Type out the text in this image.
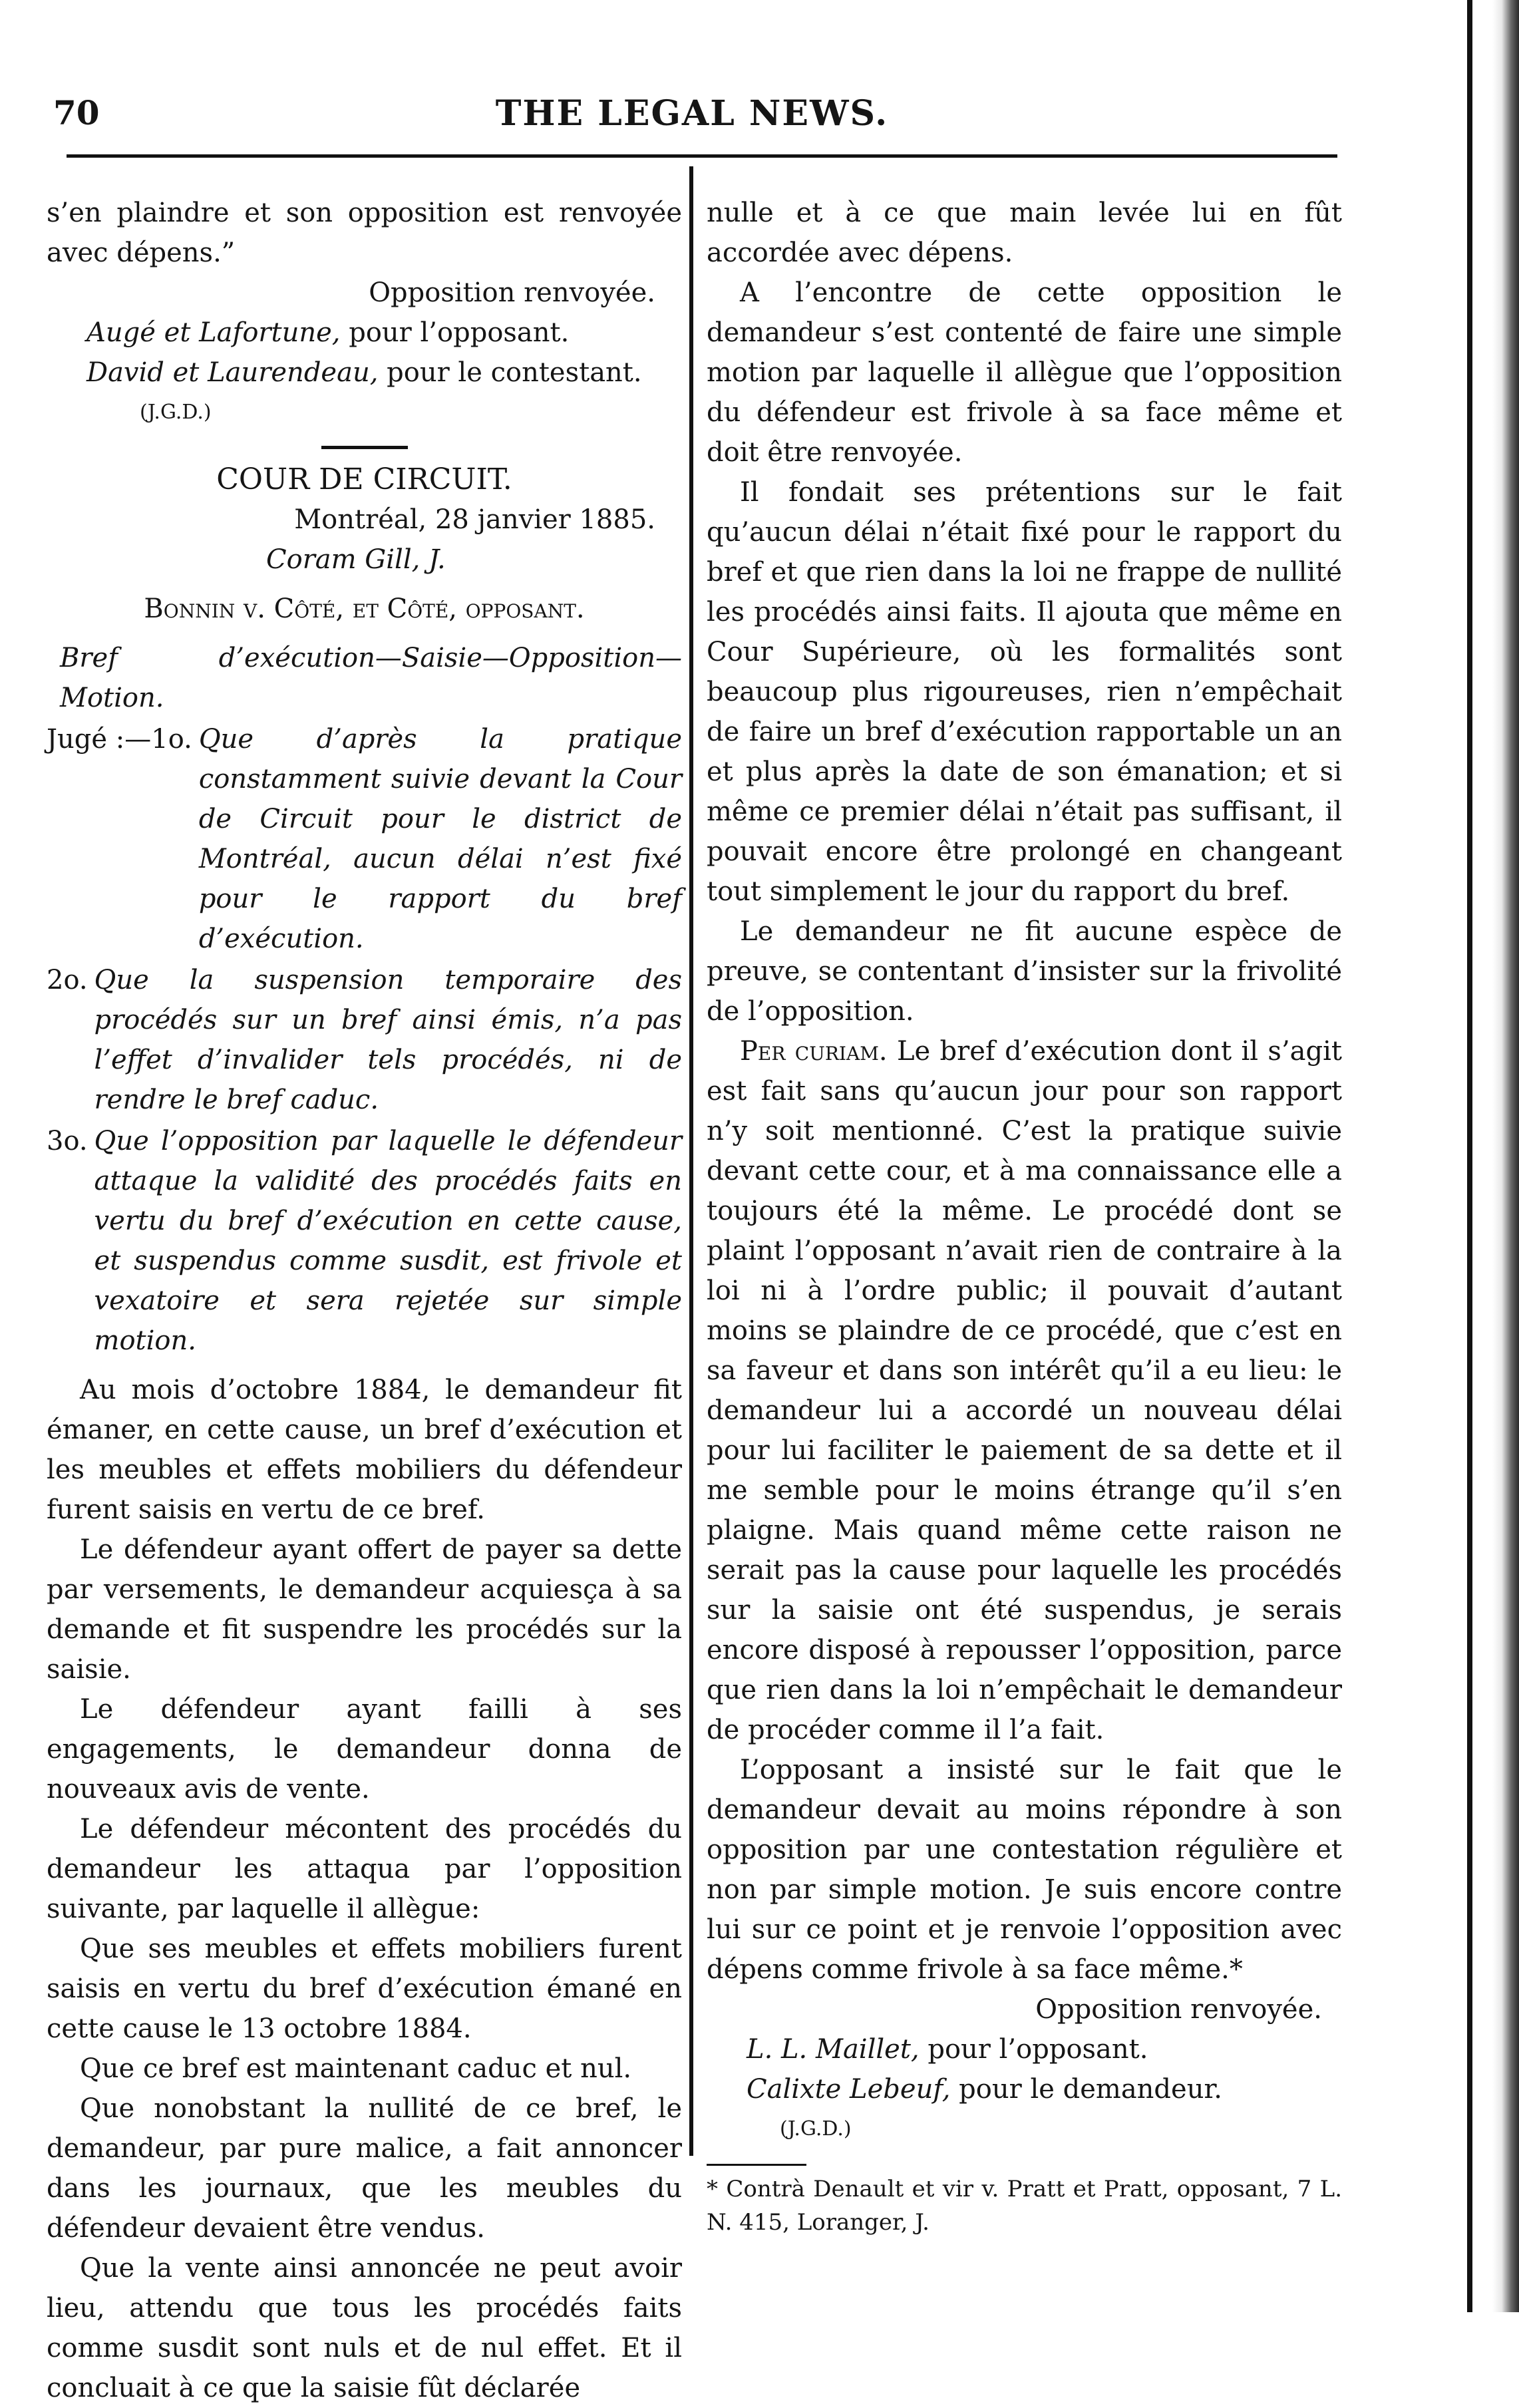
70	THE LEGAL NEWS.

s’en plaindre et son opposition est renvoyée avec dépens.”

Opposition renvoyée.

Augé et Lafortune, pour l’opposant.

David et Laurendeau, pour le contestant.

(J.G.D.)

COUR DE CIRCUIT.

Montréal, 28 janvier 1885.

Coram Gill, J.

Bonnin v. Côté, et Côté, opposant.

Bref d’exécution—Saisie—Opposition—Motion.

Jugé :—1o. Que d’après la pratique constamment suivie devant la Cour de Circuit pour le district de Montréal, aucun délai n’est fixé pour le rapport du bref d’exécution.
2o. Que la suspension temporaire des procédés sur un bref ainsi émis, n’a pas l’effet d’invalider tels procédés, ni de rendre le bref caduc.
3o. Que l’opposition par laquelle le défendeur attaque la validité des procédés faits en vertu du bref d’exécution en cette cause, et suspendus comme susdit, est frivole et vexatoire et sera rejetée sur simple motion.

Au mois d’octobre 1884, le demandeur fit émaner, en cette cause, un bref d’exécution et les meubles et effets mobiliers du défendeur furent saisis en vertu de ce bref.

Le défendeur ayant offert de payer sa dette par versements, le demandeur acquiesça à sa demande et fit suspendre les procédés sur la saisie.

Le défendeur ayant failli à ses engagements, le demandeur donna de nouveaux avis de vente.

Le défendeur mécontent des procédés du demandeur les attaqua par l’opposition suivante, par laquelle il allègue:

Que ses meubles et effets mobiliers furent saisis en vertu du bref d’exécution émané en cette cause le 13 octobre 1884.

Que ce bref est maintenant caduc et nul.

Que nonobstant la nullité de ce bref, le demandeur, par pure malice, a fait annoncer dans les journaux, que les meubles du défendeur devaient être vendus.

Que la vente ainsi annoncée ne peut avoir lieu, attendu que tous les procédés faits comme susdit sont nuls et de nul effet. Et il concluait à ce que la saisie fût déclarée

nulle et à ce que main levée lui en fût accordée avec dépens.

A l’encontre de cette opposition le demandeur s’est contenté de faire une simple motion par laquelle il allègue que l’opposition du défendeur est frivole à sa face même et doit être renvoyée.

Il fondait ses prétentions sur le fait qu’aucun délai n’était fixé pour le rapport du bref et que rien dans la loi ne frappe de nullité les procédés ainsi faits. Il ajouta que même en Cour Supérieure, où les formalités sont beaucoup plus rigoureuses, rien n’empêchait de faire un bref d’exécution rapportable un an et plus après la date de son émanation; et si même ce premier délai n’était pas suffisant, il pouvait encore être prolongé en changeant tout simplement le jour du rapport du bref.

Le demandeur ne fit aucune espèce de preuve, se contentant d’insister sur la frivolité de l’opposition.

Per curiam. Le bref d’exécution dont il s’agit est fait sans qu’aucun jour pour son rapport n’y soit mentionné. C’est la pratique suivie devant cette cour, et à ma connaissance elle a toujours été la même. Le procédé dont se plaint l’opposant n’avait rien de contraire à la loi ni à l’ordre public; il pouvait d’autant moins se plaindre de ce procédé, que c’est en sa faveur et dans son intérêt qu’il a eu lieu: le demandeur lui a accordé un nouveau délai pour lui faciliter le paiement de sa dette et il me semble pour le moins étrange qu’il s’en plaigne. Mais quand même cette raison ne serait pas la cause pour laquelle les procédés sur la saisie ont été suspendus, je serais encore disposé à repousser l’opposition, parce que rien dans la loi n’empêchait le demandeur de procéder comme il l’a fait.

L’opposant a insisté sur le fait que le demandeur devait au moins répondre à son opposition par une contestation régulière et non par simple motion. Je suis encore contre lui sur ce point et je renvoie l’opposition avec dépens comme frivole à sa face même.*

Opposition renvoyée.

L. L. Maillet, pour l’opposant.

Calixte Lebeuf, pour le demandeur.

(J.G.D.)

* Contrà Denault et vir v. Pratt et Pratt, opposant, 7 L. N. 415, Loranger, J.
